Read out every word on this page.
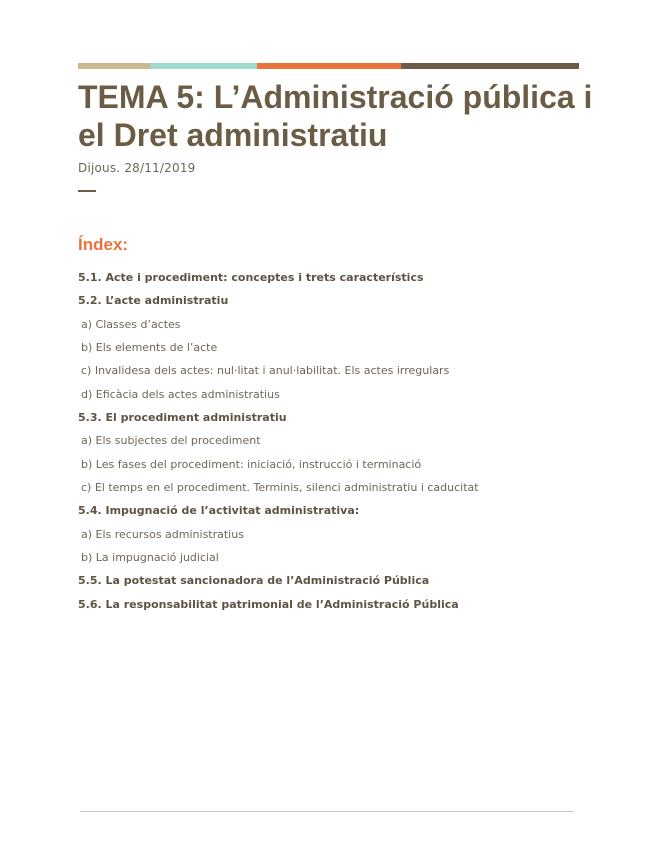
TEMA 5: L’Administració pública i el Dret administratiu
Dijous. 28/11/2019
Índex:
5.1. Acte i procediment: conceptes i trets característics
5.2. L’acte administratiu
a) Classes d’actes
b) Els elements de l’acte
c) Invalidesa dels actes: nul·litat i anul·labilitat. Els actes irregulars
d) Eficàcia dels actes administratius
5.3. El procediment administratiu
a) Els subjectes del procediment
b) Les fases del procediment: iniciació, instrucció i terminació
c) El temps en el procediment. Terminis, silenci administratiu i caducitat
5.4. Impugnació de l’activitat administrativa:
a) Els recursos administratius
b) La impugnació judicial
5.5. La potestat sancionadora de l’Administració Pública
5.6. La responsabilitat patrimonial de l’Administració Pública
